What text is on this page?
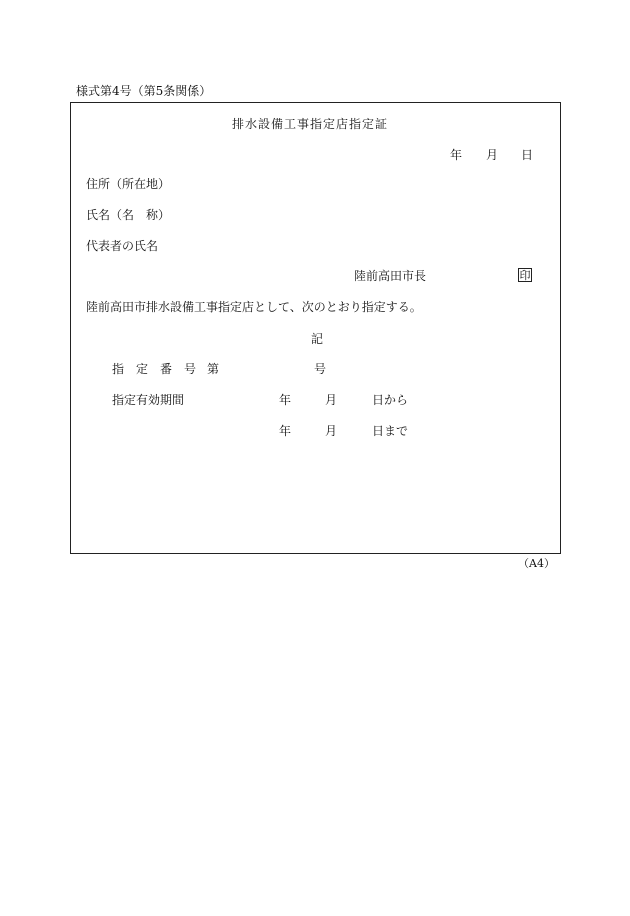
様式第4号（第5条関係）
排水設備工事指定店指定証
年 月 日
住所（所在地）
氏名（名　称）
代表者の氏名
陸前高田市長	印
陸前高田市排水設備工事指定店として、次のとおり指定する。
記
指　定　番　号 第	号
指定有効期間	年	月	日から
年	月	日まで
（A4）
